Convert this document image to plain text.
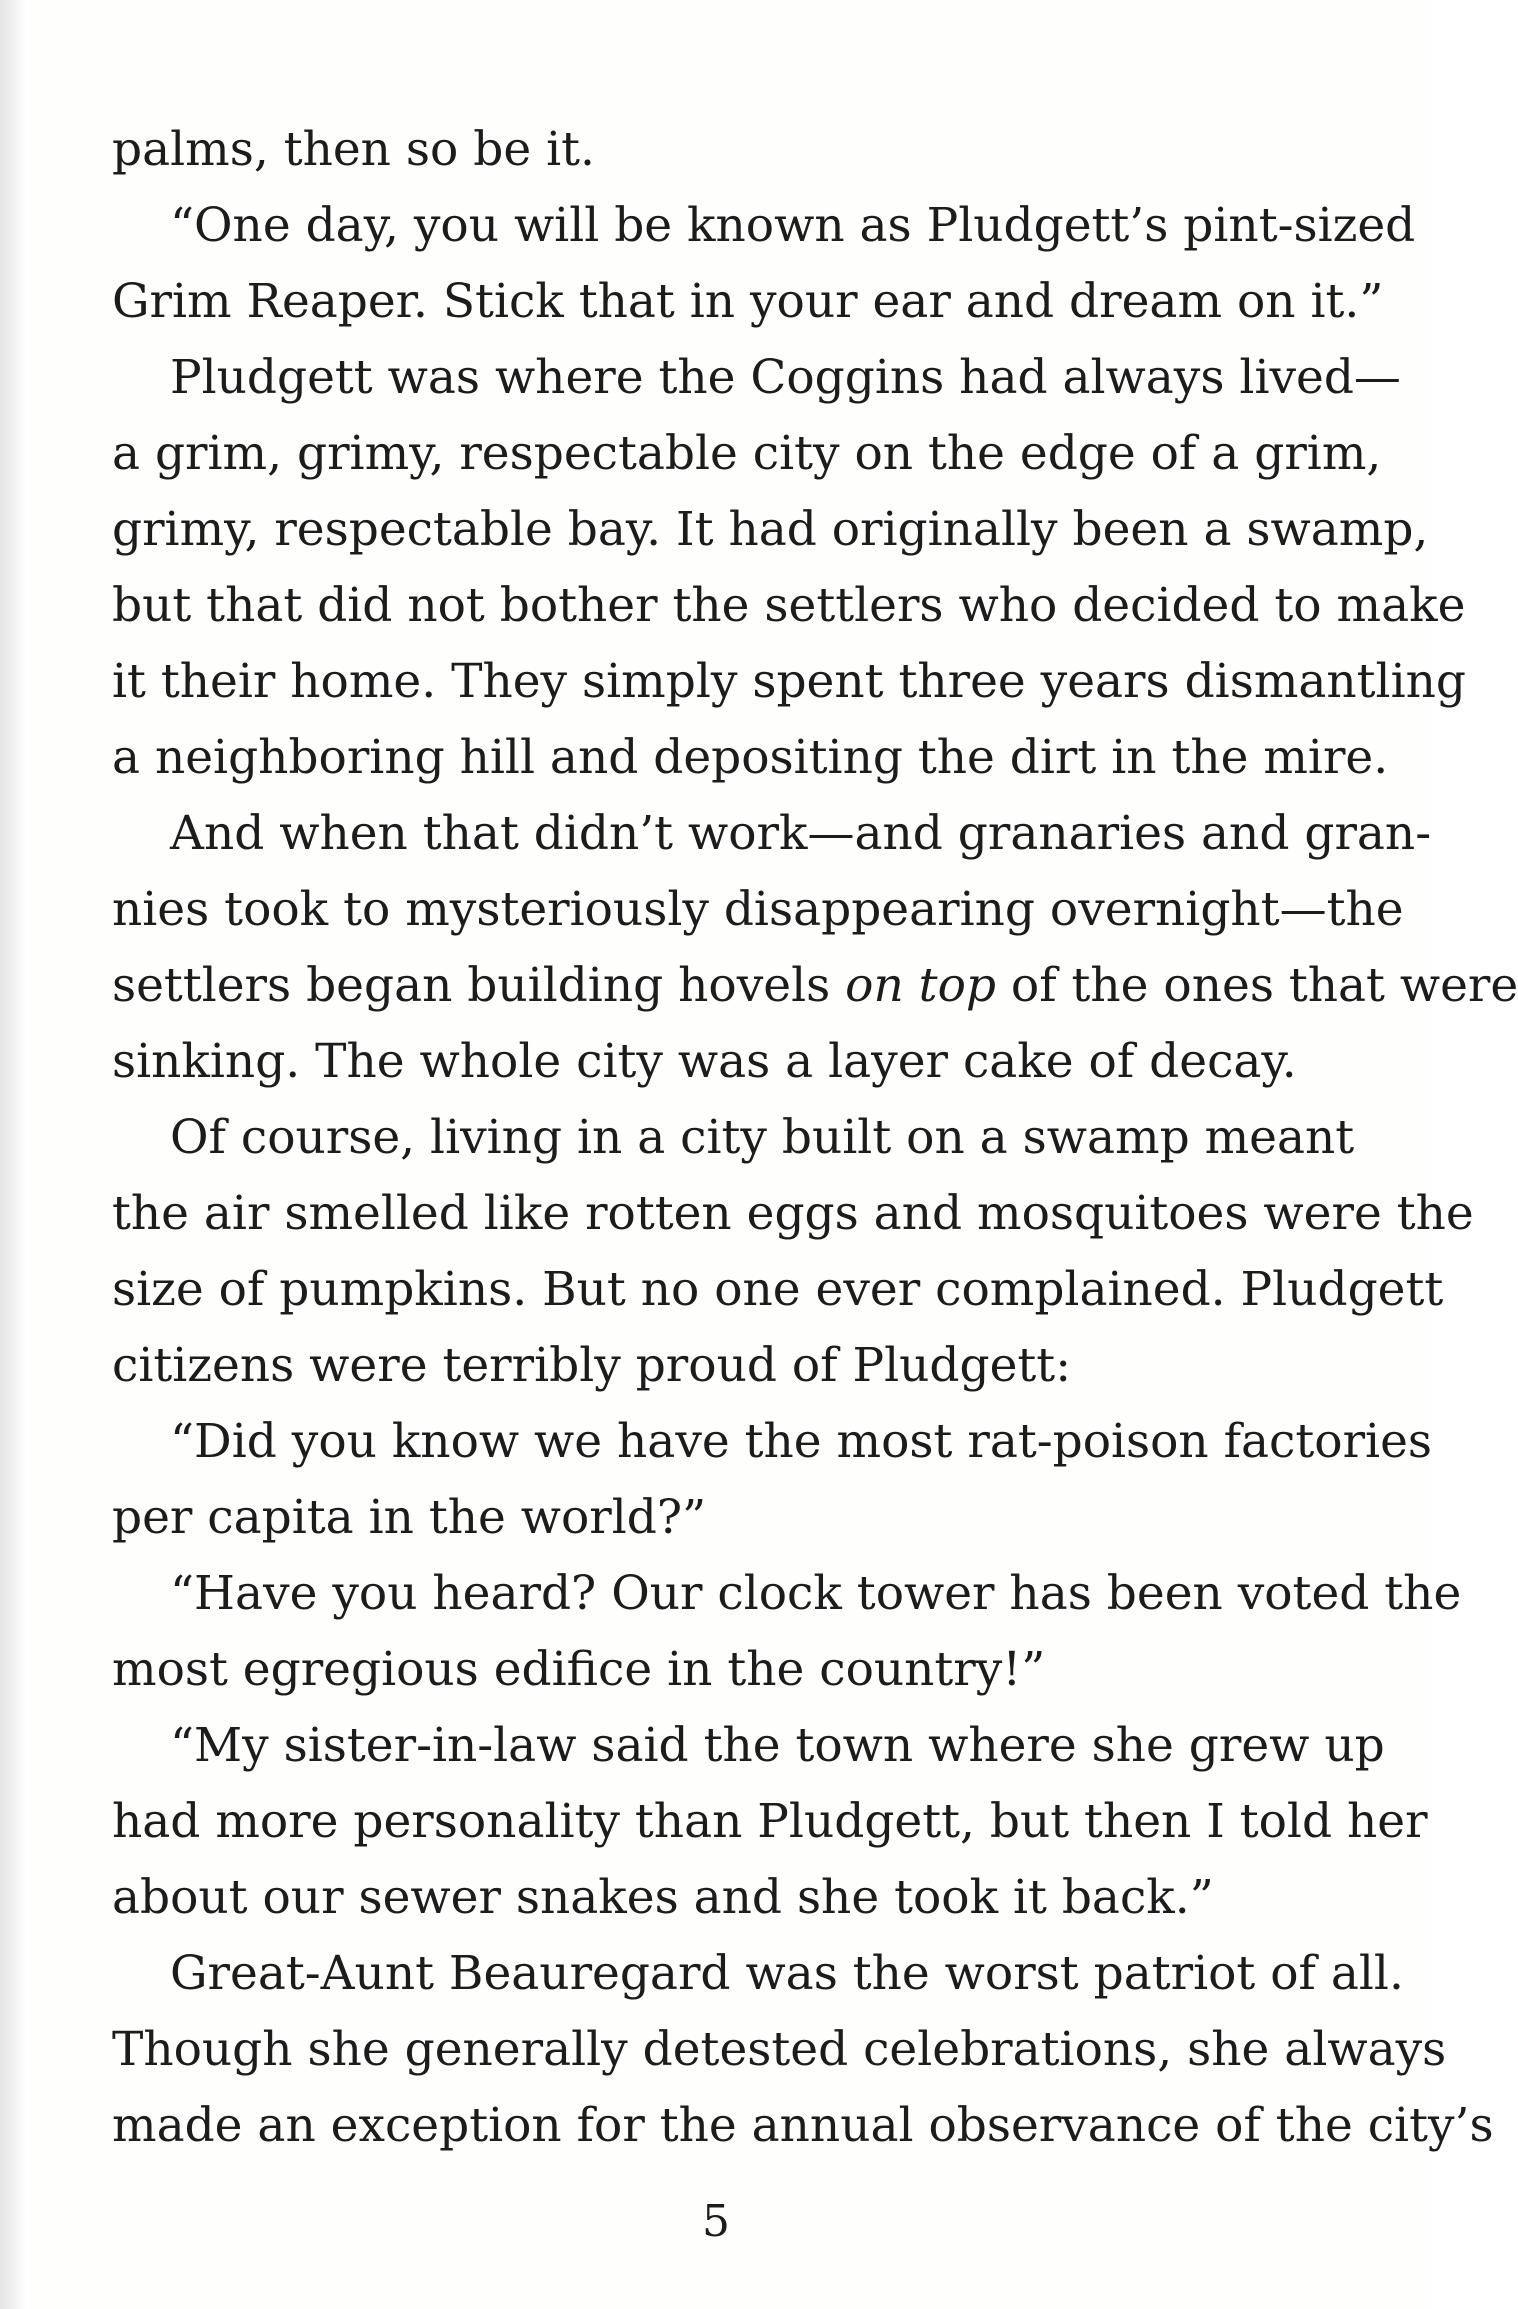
palms, then so be it.

“One day, you will be known as Pludgett’s pint-sized

Grim Reaper. Stick that in your ear and dream on it.”

Pludgett was where the Coggins had always lived—

a grim, grimy, respectable city on the edge of a grim,

grimy, respectable bay. It had originally been a swamp,

but that did not bother the settlers who decided to make

it their home. They simply spent three years dismantling

a neighboring hill and depositing the dirt in the mire.

And when that didn’t work—and granaries and gran-

nies took to mysteriously disappearing overnight—the

settlers began building hovels on top of the ones that were

sinking. The whole city was a layer cake of decay.

Of course, living in a city built on a swamp meant

the air smelled like rotten eggs and mosquitoes were the

size of pumpkins. But no one ever complained. Pludgett

citizens were terribly proud of Pludgett:

“Did you know we have the most rat-poison factories

per capita in the world?”

“Have you heard? Our clock tower has been voted the

most egregious edifice in the country!”

“My sister-in-law said the town where she grew up

had more personality than Pludgett, but then I told her

about our sewer snakes and she took it back.”

Great-Aunt Beauregard was the worst patriot of all.

Though she generally detested celebrations, she always

made an exception for the annual observance of the city’s

5
